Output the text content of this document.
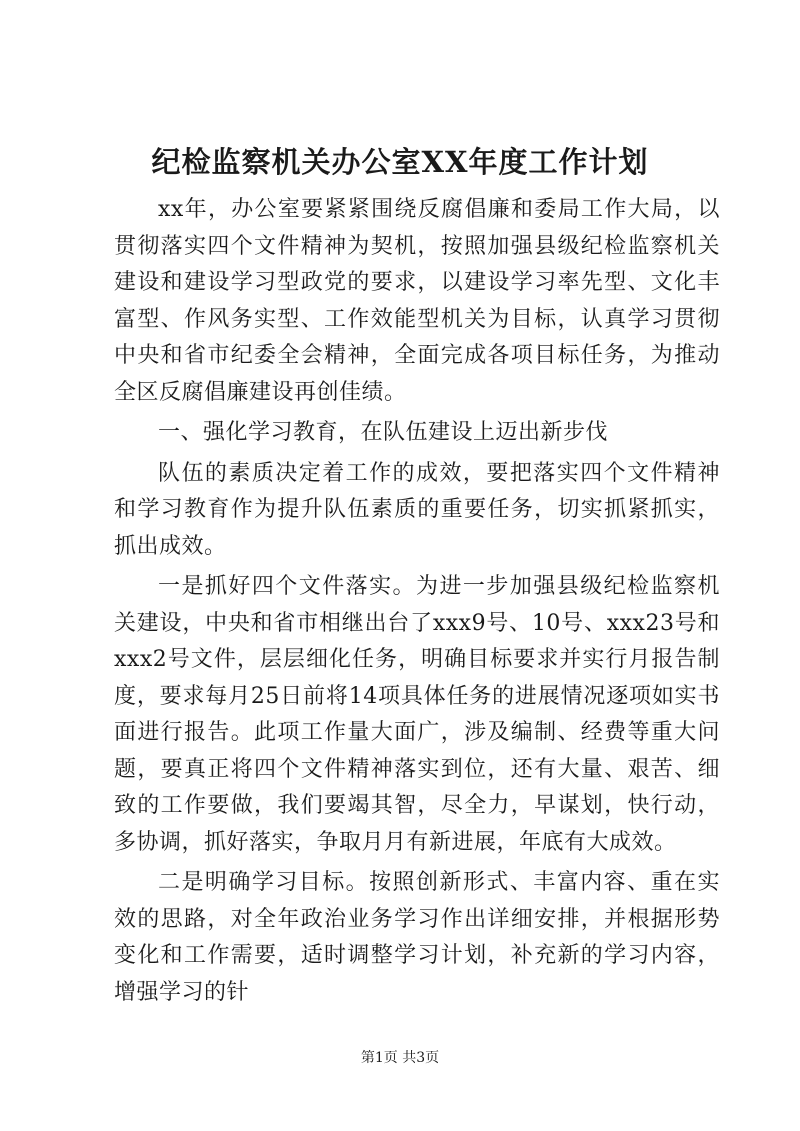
纪检监察机关办公室XX年度工作计划

xx年，办公室要紧紧围绕反腐倡廉和委局工作大局，以贯彻落实四个文件精神为契机，按照加强县级纪检监察机关建设和建设学习型政党的要求，以建设学习率先型、文化丰富型、作风务实型、工作效能型机关为目标，认真学习贯彻中央和省市纪委全会精神，全面完成各项目标任务，为推动全区反腐倡廉建设再创佳绩。

一、强化学习教育，在队伍建设上迈出新步伐

队伍的素质决定着工作的成效，要把落实四个文件精神和学习教育作为提升队伍素质的重要任务，切实抓紧抓实，抓出成效。

一是抓好四个文件落实。为进一步加强县级纪检监察机关建设，中央和省市相继出台了xxx9号、10号、xxx23号和xxx2号文件，层层细化任务，明确目标要求并实行月报告制度，要求每月25日前将14项具体任务的进展情况逐项如实书面进行报告。此项工作量大面广，涉及编制、经费等重大问题，要真正将四个文件精神落实到位，还有大量、艰苦、细致的工作要做，我们要竭其智，尽全力，早谋划，快行动，多协调，抓好落实，争取月月有新进展，年底有大成效。

二是明确学习目标。按照创新形式、丰富内容、重在实效的思路，对全年政治业务学习作出详细安排，并根据形势变化和工作需要，适时调整学习计划，补充新的学习内容，增强学习的针

第1页 共3页
